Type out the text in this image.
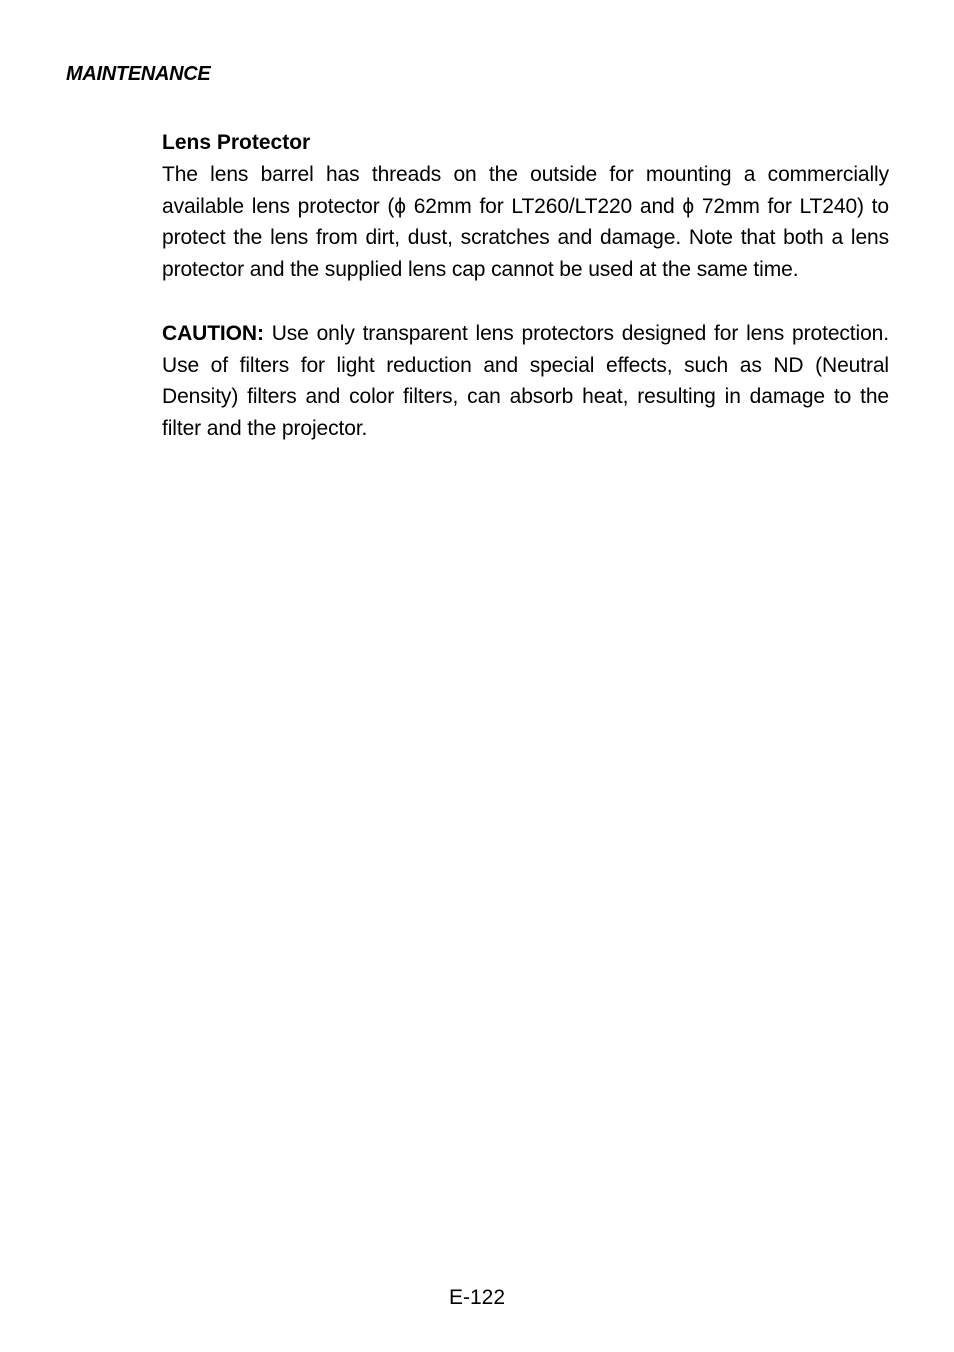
MAINTENANCE

Lens Protector

The lens barrel has threads on the outside for mounting a commercially available lens protector (ϕ 62mm for LT260/LT220 and ϕ 72mm for LT240) to protect the lens from dirt, dust, scratches and damage. Note that both a lens protector and the supplied lens cap cannot be used at the same time.

CAUTION: Use only transparent lens protectors designed for lens protection. Use of filters for light reduction and special effects, such as ND (Neutral Density) filters and color filters, can absorb heat, resulting in damage to the filter and the projector.

E-122
